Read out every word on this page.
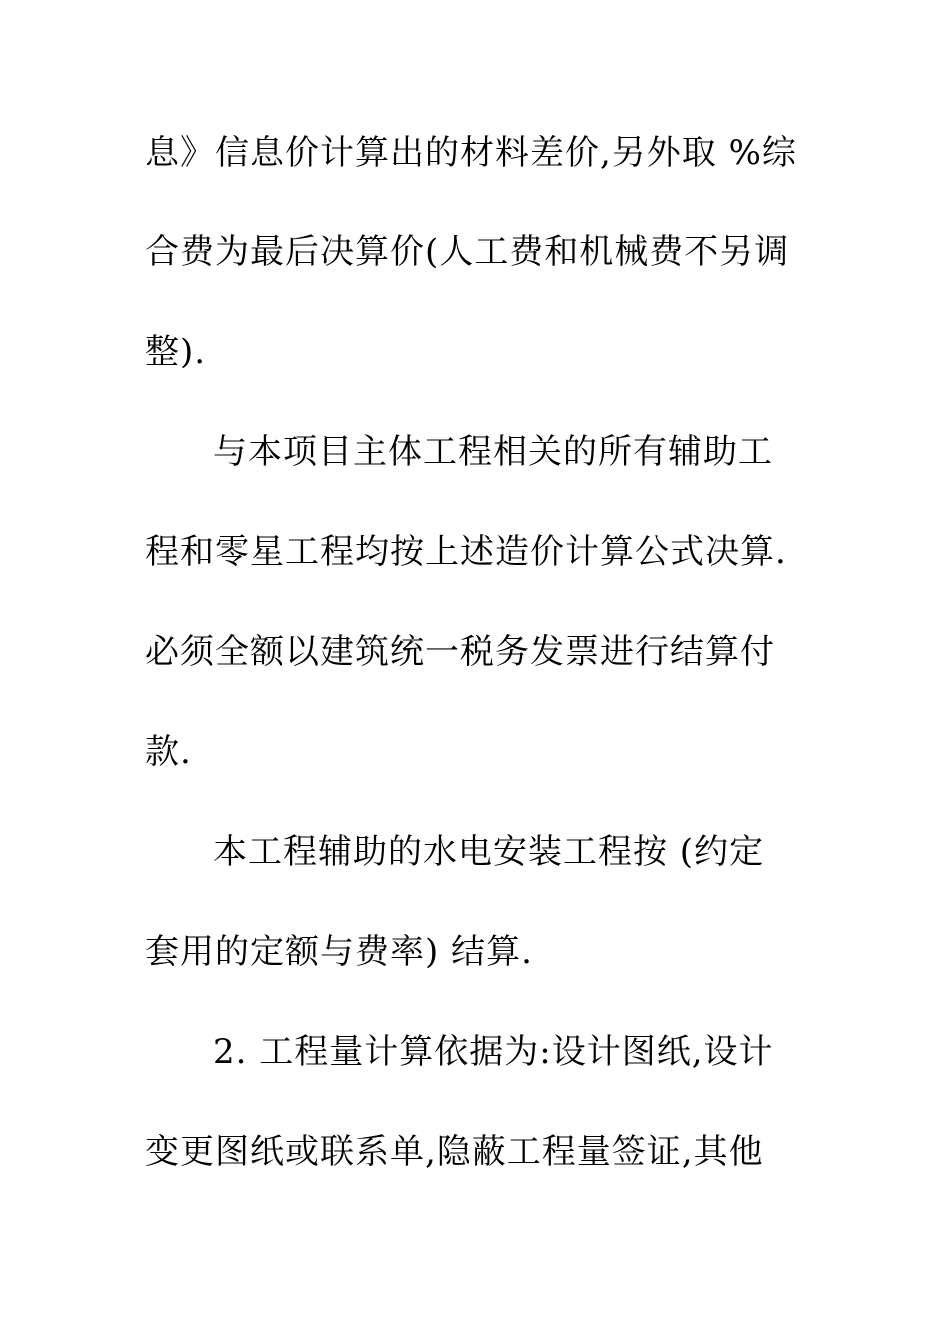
息》信息价计算出的材料差价,另外取 %综
合费为最后决算价(人工费和机械费不另调
整).
与本项目主体工程相关的所有辅助工
程和零星工程均按上述造价计算公式决算.
必须全额以建筑统一税务发票进行结算付
款.
本工程辅助的水电安装工程按 (约定
套用的定额与费率) 结算.
2. 工程量计算依据为:设计图纸,设计
变更图纸或联系单,隐蔽工程量签证,其他
